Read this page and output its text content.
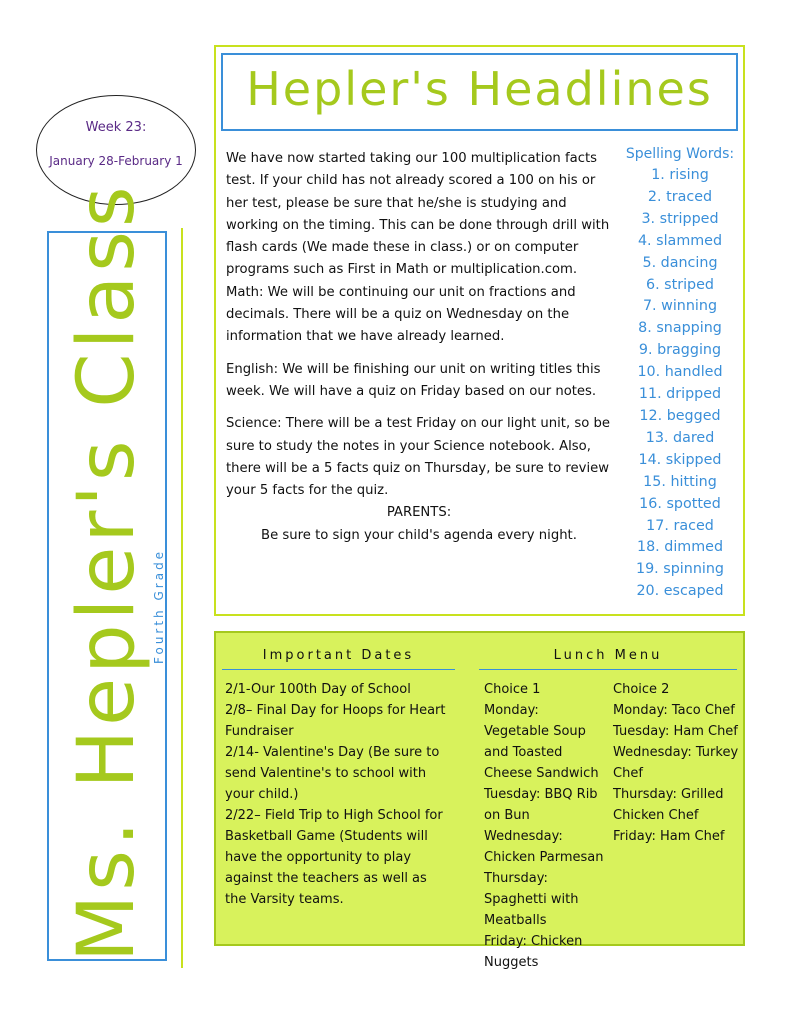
Week 23:
January 28-February 1
Ms. Hepler's Class Fourth Grade
Hepler's Headlines

We have now started taking our 100 multiplication facts test. If your child has not already scored a 100 on his or her test, please be sure that he/she is studying and working on the timing. This can be done through drill with flash cards (We made these in class.) or on computer programs such as First in Math or multiplication.com.

Math: We will be continuing our unit on fractions and decimals. There will be a quiz on Wednesday on the information that we have already learned.

English: We will be finishing our unit on writing titles this week. We will have a quiz on Friday based on our notes.

Science: There will be a test Friday on our light unit, so be sure to study the notes in your Science notebook. Also, there will be a 5 facts quiz on Thursday, be sure to review your 5 facts for the quiz.

PARENTS:

Be sure to sign your child's agenda every night.

Spelling Words:
1. rising
2. traced
3. stripped
4. slammed
5. dancing
6. striped
7. winning
8. snapping
9. bragging
10. handled
11. dripped
12. begged
13. dared
14. skipped
15. hitting
16. spotted
17. raced
18. dimmed
19. spinning
20. escaped
Important Dates

2/1-Our 100th Day of School

2/8– Final Day for Hoops for Heart Fundraiser

2/14- Valentine's Day (Be sure to send Valentine's to school with your child.)

2/22– Field Trip to High School for Basketball Game (Students will have the opportunity to play against the teachers as well as the Varsity teams.

Lunch Menu

Choice 1

Monday: Vegetable Soup and Toasted Cheese Sandwich

Tuesday: BBQ Rib on Bun

Wednesday: Chicken Parmesan

Thursday: Spaghetti with Meatballs

Friday: Chicken Nuggets

Choice 2

Monday: Taco Chef

Tuesday: Ham Chef

Wednesday: Turkey Chef

Thursday: Grilled Chicken Chef

Friday: Ham Chef
